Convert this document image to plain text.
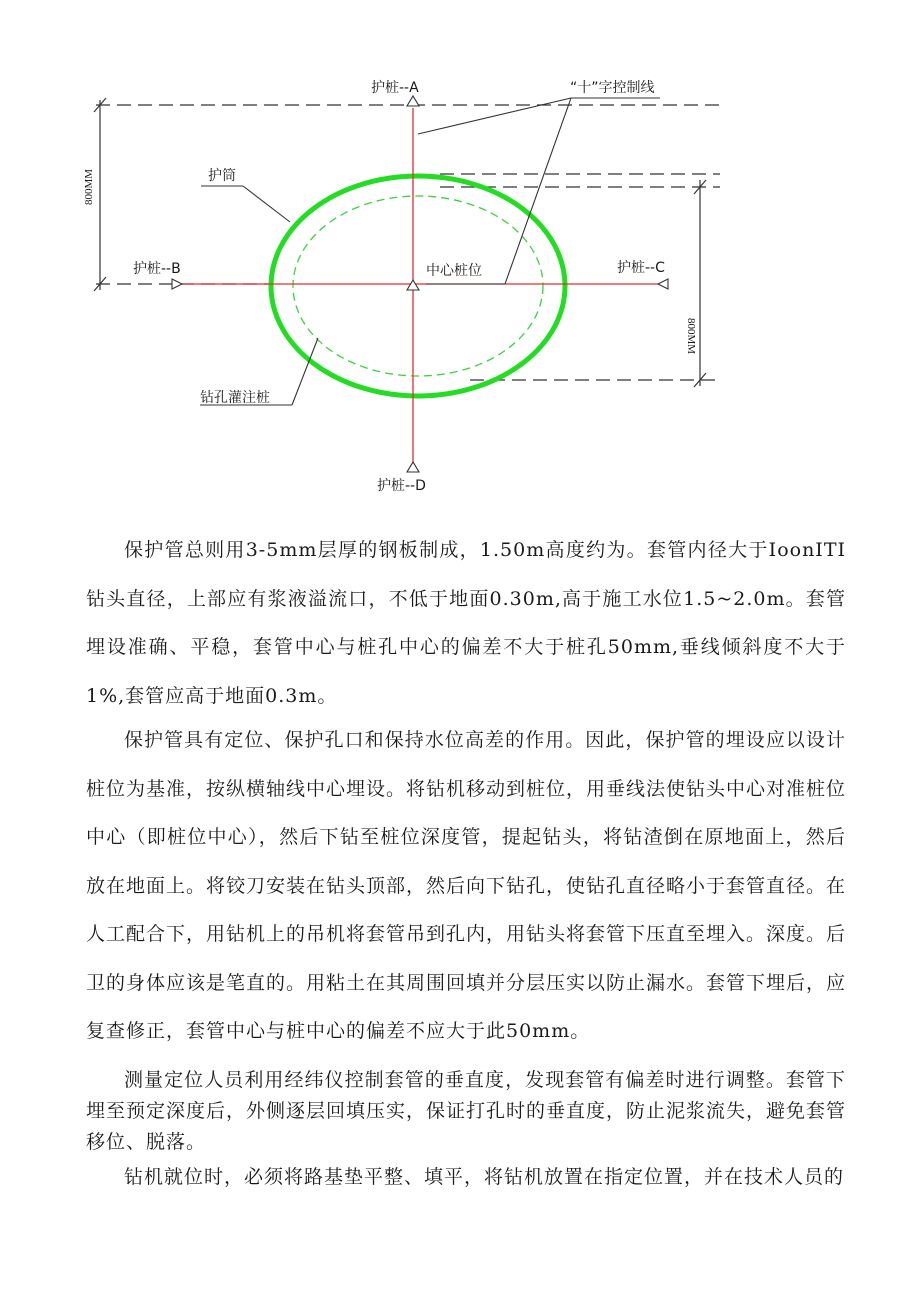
护桩--A	“十”字控制线
护筒
护桩--B	中心桩位	护桩--C
钻孔灌注桩
护桩--D
800MM
800MM

保护管总则用3-5mm层厚的钢板制成，1.50m高度约为。套管内径大于IoonITI钻头直径，上部应有浆液溢流口，不低于地面0.30m,高于施工水位1.5~2.0m。套管埋设准确、平稳，套管中心与桩孔中心的偏差不大于桩孔50mm,垂线倾斜度不大于1%,套管应高于地面0.3m。

保护管具有定位、保护孔口和保持水位高差的作用。因此，保护管的埋设应以设计桩位为基准，按纵横轴线中心埋设。将钻机移动到桩位，用垂线法使钻头中心对准桩位中心（即桩位中心），然后下钻至桩位深度管，提起钻头，将钻渣倒在原地面上，然后放在地面上。将铰刀安装在钻头顶部，然后向下钻孔，使钻孔直径略小于套管直径。在人工配合下，用钻机上的吊机将套管吊到孔内，用钻头将套管下压直至埋入。深度。后卫的身体应该是笔直的。用粘土在其周围回填并分层压实以防止漏水。套管下埋后，应复查修正，套管中心与桩中心的偏差不应大于此50mm。

测量定位人员利用经纬仪控制套管的垂直度，发现套管有偏差时进行调整。套管下埋至预定深度后，外侧逐层回填压实，保证打孔时的垂直度，防止泥浆流失，避免套管移位、脱落。

钻机就位时，必须将路基垫平整、填平，将钻机放置在指定位置，并在技术人员的
